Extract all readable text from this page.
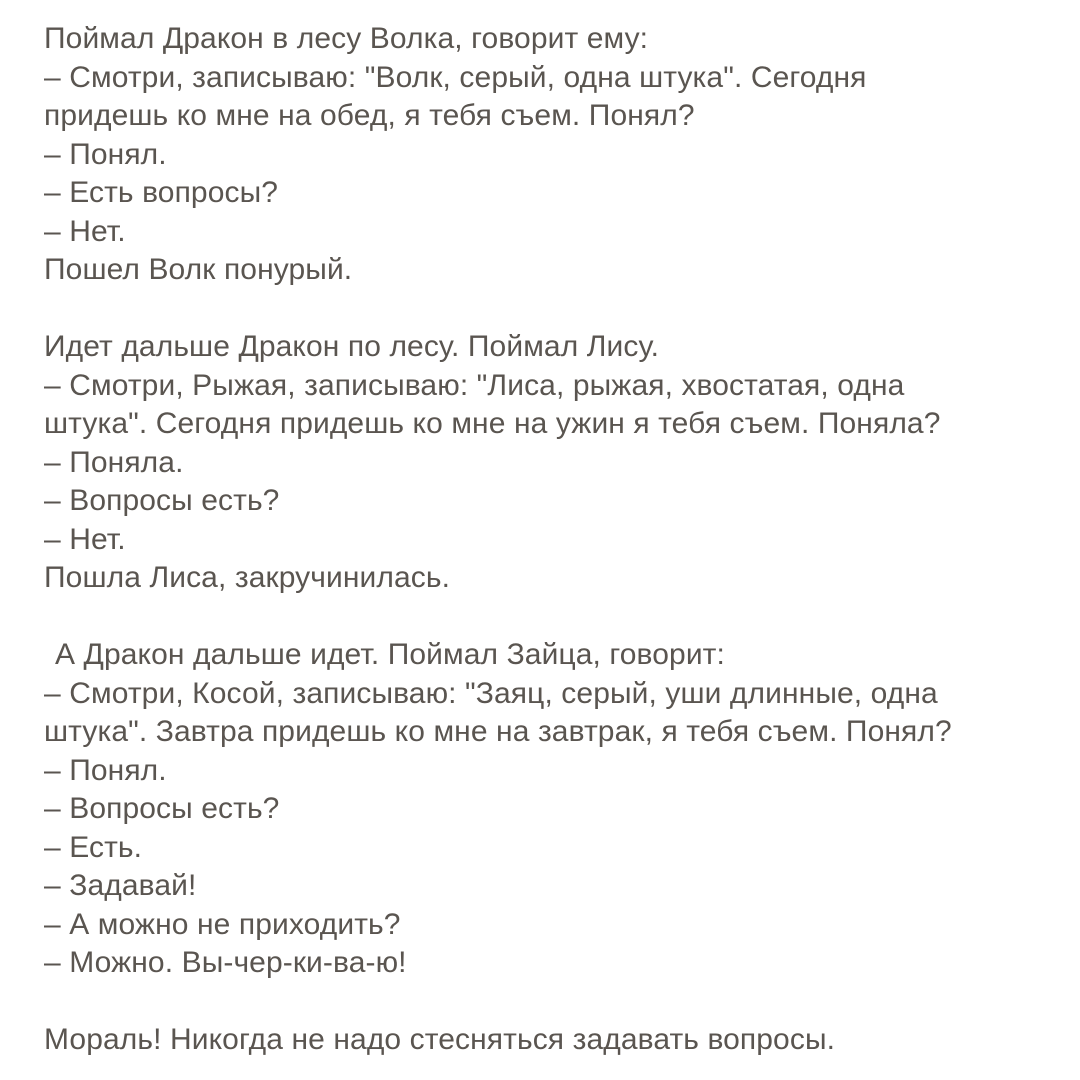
Поймал Дракон в лесу Волка, говорит ему:
– Смотри, записываю: "Волк, серый, одна штука". Сегодня
придешь ко мне на обед, я тебя съем. Понял?
– Понял.
– Есть вопросы?
– Нет.
Пошел Волк понурый.
Идет дальше Дракон по лесу. Поймал Лису.
– Смотри, Рыжая, записываю: "Лиса, рыжая, хвостатая, одна
штука". Сегодня придешь ко мне на ужин я тебя съем. Поняла?
– Поняла.
– Вопросы есть?
– Нет.
Пошла Лиса, закручинилась.
А Дракон дальше идет. Поймал Зайца, говорит:
– Смотри, Косой, записываю: "Заяц, серый, уши длинные, одна
штука". Завтра придешь ко мне на завтрак, я тебя съем. Понял?
– Понял.
– Вопросы есть?
– Есть.
– Задавай!
– А можно не приходить?
– Можно. Вы-чер-ки-ва-ю!
Мораль! Никогда не надо стесняться задавать вопросы.
